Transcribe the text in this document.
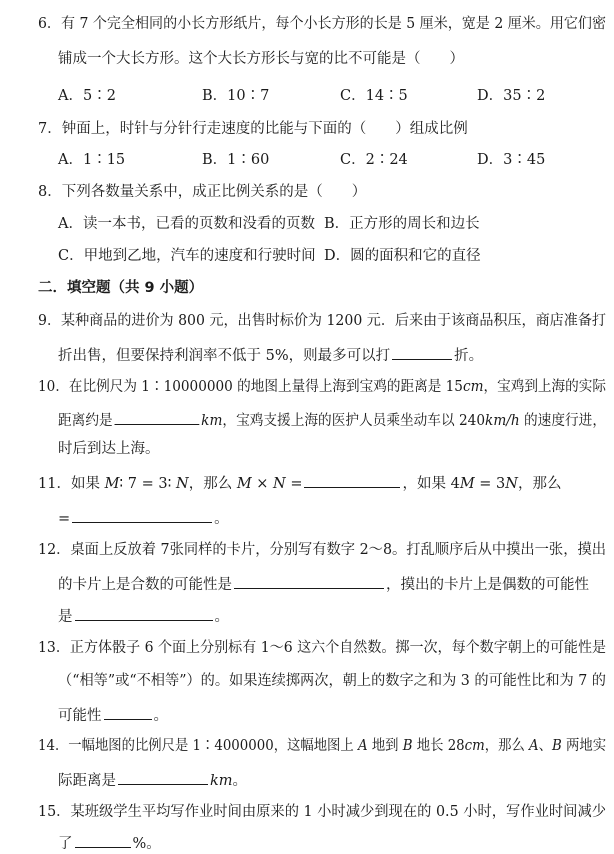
6．有 7 个完全相同的小长方形纸片，每个小长方形的长是 5 厘米，宽是 2 厘米。用它们密
铺成一个大长方形。这个大长方形长与宽的比不可能是（　　）
A．5∶2	B．10∶7	C．14∶5	D．35∶2
7．钟面上，时针与分针行走速度的比能与下面的（　　）组成比例
A．1∶15	B．1∶60	C．2∶24	D．3∶45
8．下列各数量关系中，成正比例关系的是（　　）
A．读一本书，已看的页数和没看的页数 B．正方形的周长和边长
C．甲地到乙地，汽车的速度和行驶时间 D．圆的面积和它的直径
二．填空题（共 9 小题）
9．某种商品的进价为 800 元，出售时标价为 1200 元．后来由于该商品积压，商店准备打
折出售，但要保持利润率不低于 5%，则最多可以打	折。
10．在比例尺为 1∶10000000 的地图上量得上海到宝鸡的距离是 15cm，宝鸡到上海的实际
距离约是	km，宝鸡支援上海的医护人员乘坐动车以 240km/h 的速度行进，
时后到达上海。
11．如果 M∶ 7 = 3∶ N，那么 M × N =	，如果 4M = 3N，那么
=	。
12．桌面上反放着 7张同样的卡片，分别写有数字 2～8。打乱顺序后从中摸出一张，摸出
的卡片上是合数的可能性是	，摸出的卡片上是偶数的可能性
是	。
13．正方体骰子 6 个面上分别标有 1～6 这六个自然数。掷一次，每个数字朝上的可能性是
（“相等”或“不相等”）的。如果连续掷两次，朝上的数字之和为 3 的可能性比和为 7 的
可能性	。
14．一幅地图的比例尺是 1∶4000000，这幅地图上 A 地到 B 地长 28cm，那么 A、B 两地实
际距离是	km。
15．某班级学生平均写作业时间由原来的 1 小时减少到现在的 0.5 小时，写作业时间减少
了	%。
